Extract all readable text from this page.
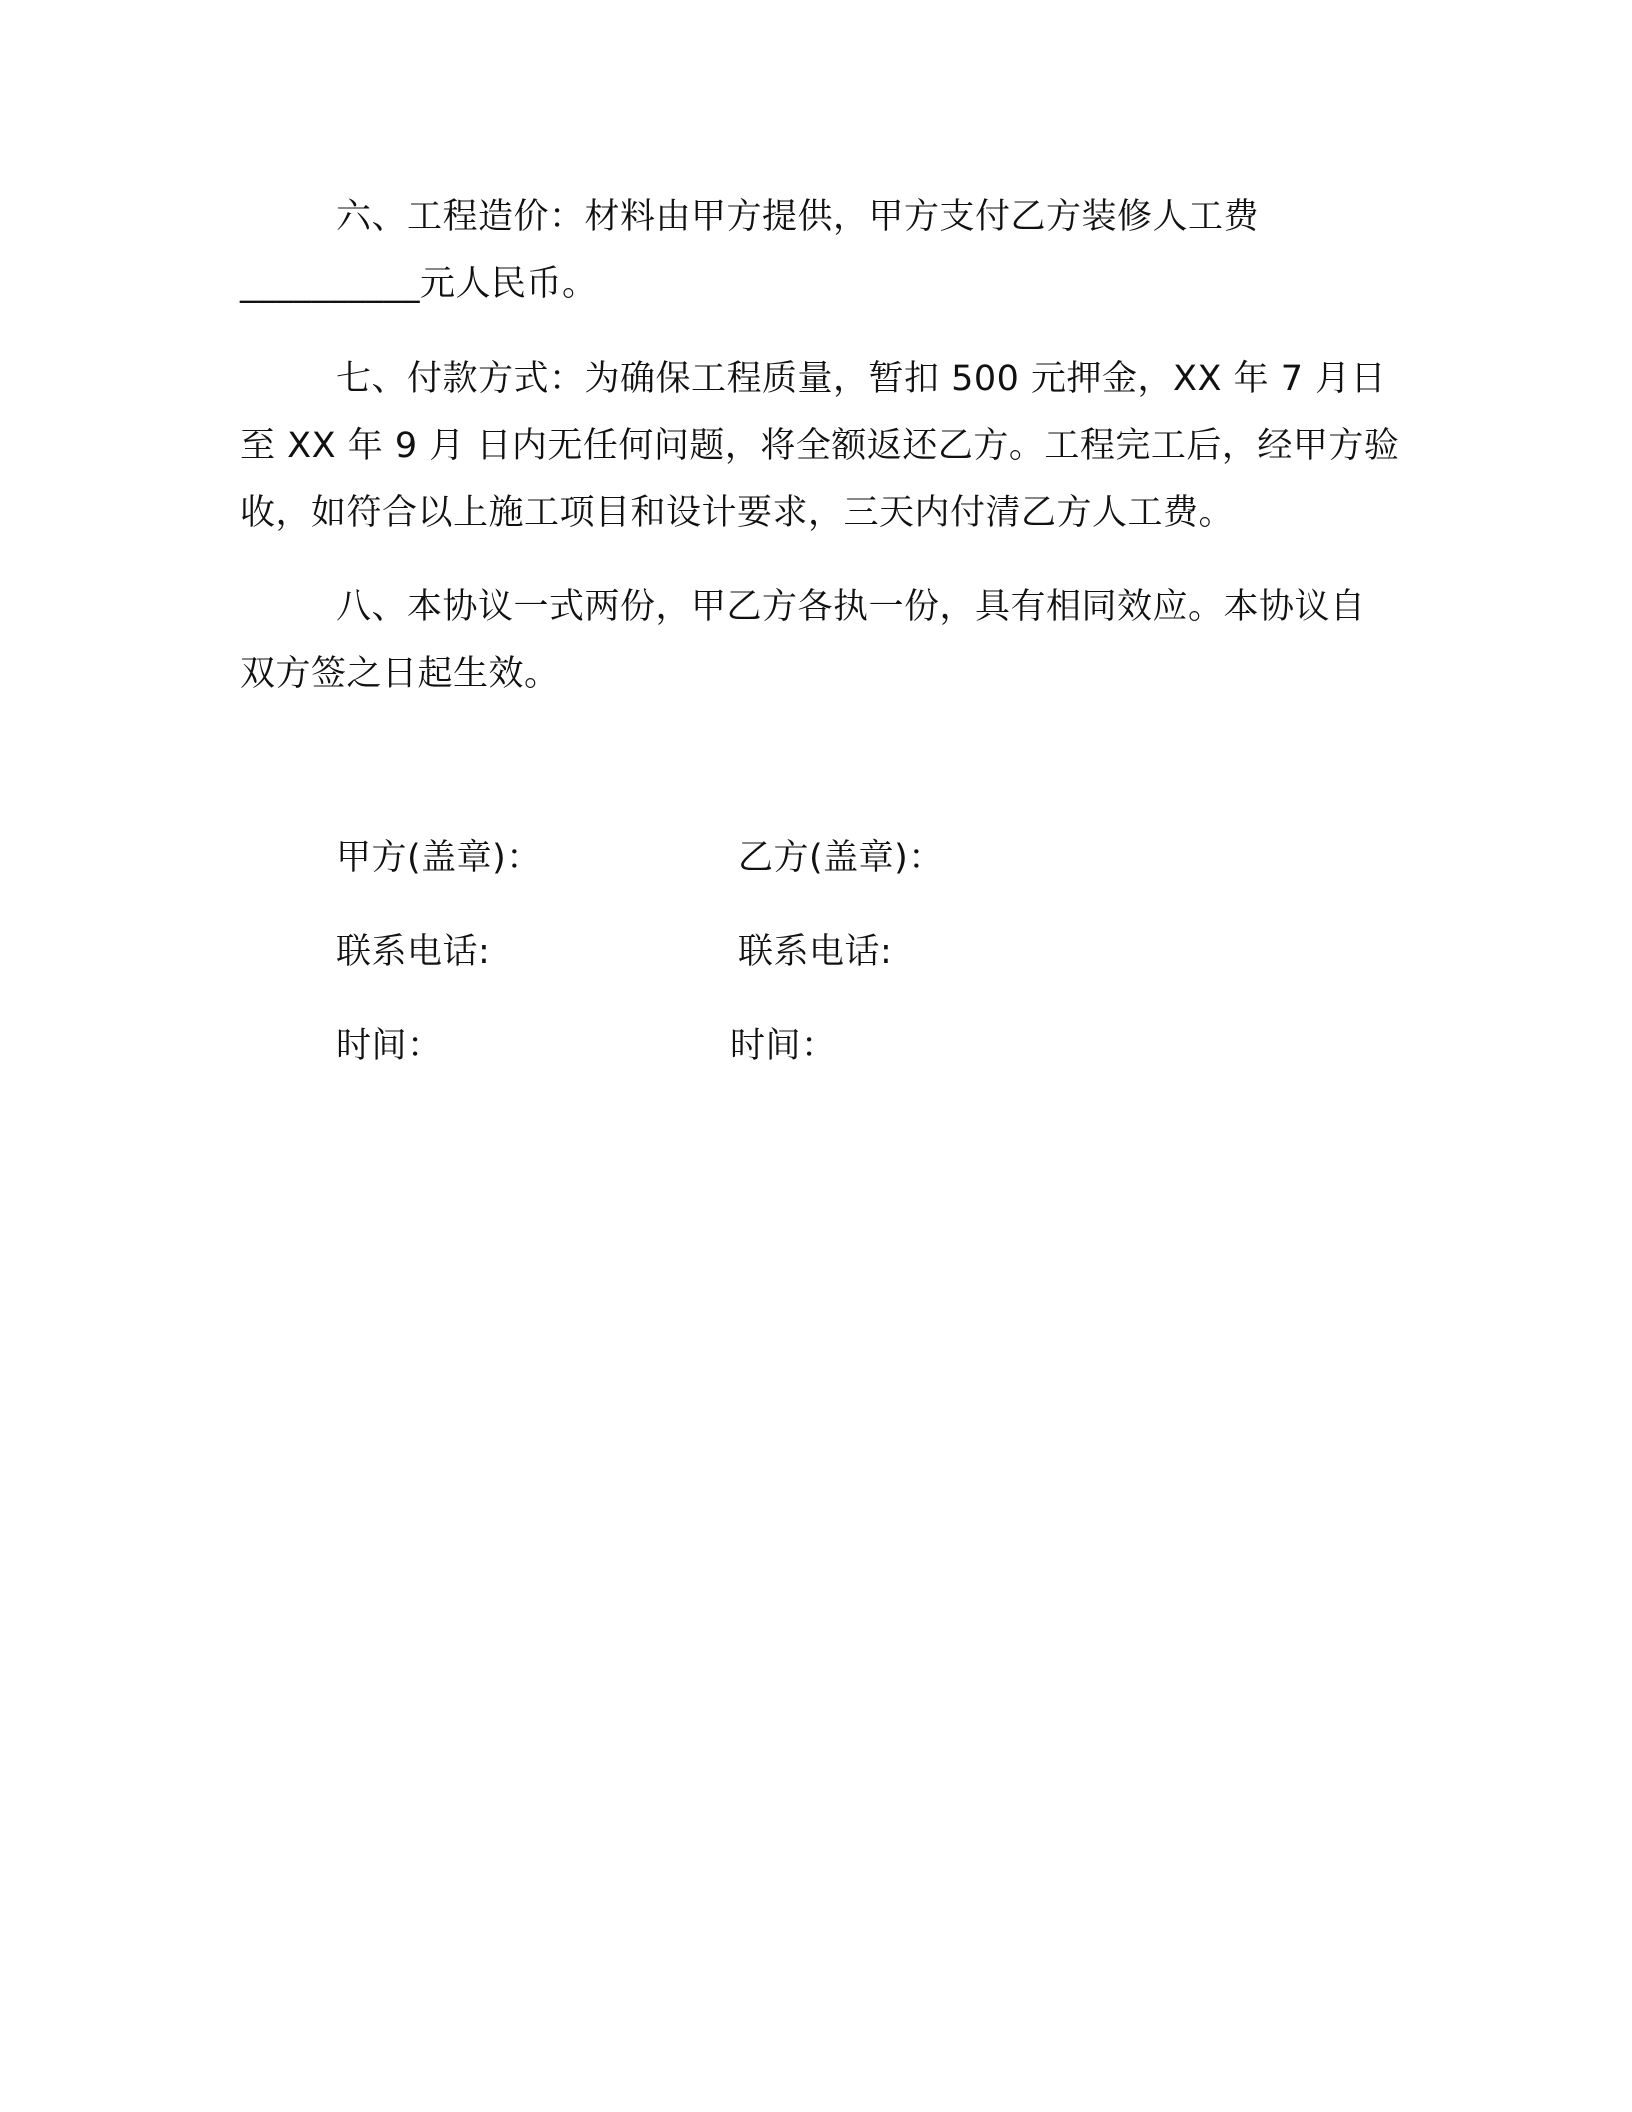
六、工程造价：材料由甲方提供，甲方支付乙方装修人工费__________元人民币。

七、付款方式：为确保工程质量，暂扣 500 元押金，XX 年 7 月日至 XX 年 9 月 日内无任何问题，将全额返还乙方。工程完工后，经甲方验收，如符合以上施工项目和设计要求，三天内付清乙方人工费。

八、本协议一式两份，甲乙方各执一份，具有相同效应。本协议自双方签之日起生效。

甲方(盖章)：	乙方(盖章)：
联系电话:	联系电话:
时间：	时间：
